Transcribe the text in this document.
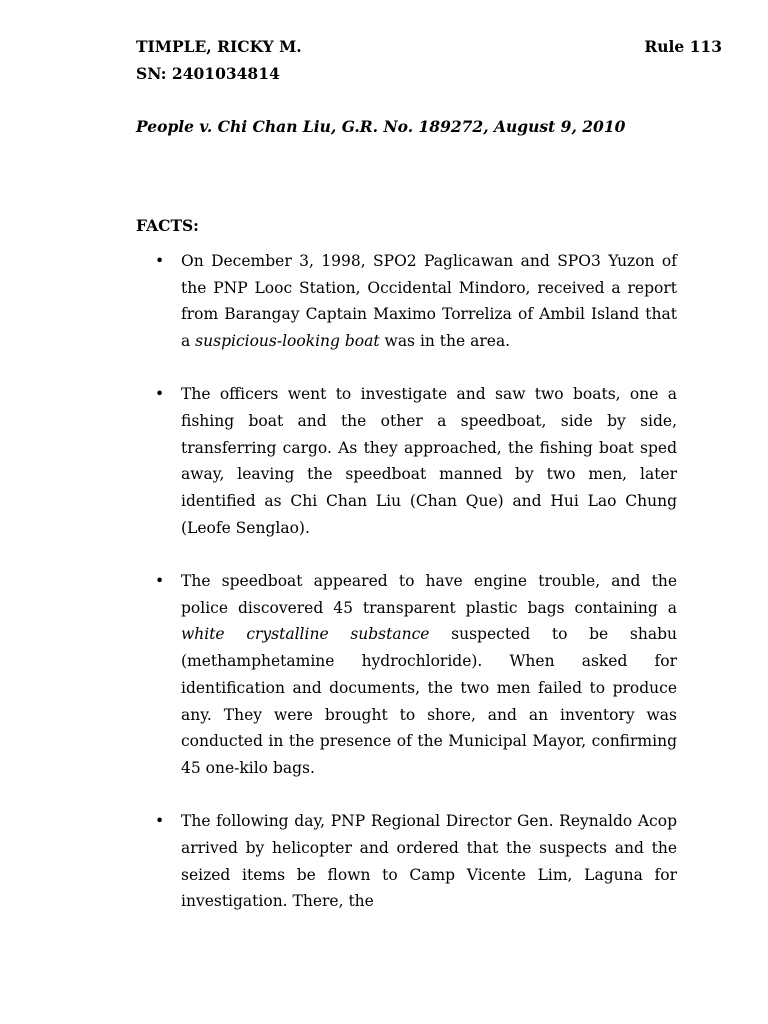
TIMPLE, RICKY M.	Rule 113
SN: 2401034814
People v. Chi Chan Liu, G.R. No. 189272, August 9, 2010
FACTS:
• On December 3, 1998, SPO2 Paglicawan and SPO3 Yuzon of the PNP Looc Station, Occidental Mindoro, received a report from Barangay Captain Maximo Torreliza of Ambil Island that a suspicious-looking boat was in the area.
• The officers went to investigate and saw two boats, one a fishing boat and the other a speedboat, side by side, transferring cargo. As they approached, the fishing boat sped away, leaving the speedboat manned by two men, later identified as Chi Chan Liu (Chan Que) and Hui Lao Chung (Leofe Senglao).
• The speedboat appeared to have engine trouble, and the police discovered 45 transparent plastic bags containing a white crystalline substance suspected to be shabu (methamphetamine hydrochloride). When asked for identification and documents, the two men failed to produce any. They were brought to shore, and an inventory was conducted in the presence of the Municipal Mayor, confirming 45 one-kilo bags.
• The following day, PNP Regional Director Gen. Reynaldo Acop arrived by helicopter and ordered that the suspects and the seized items be flown to Camp Vicente Lim, Laguna for investigation. There, the
